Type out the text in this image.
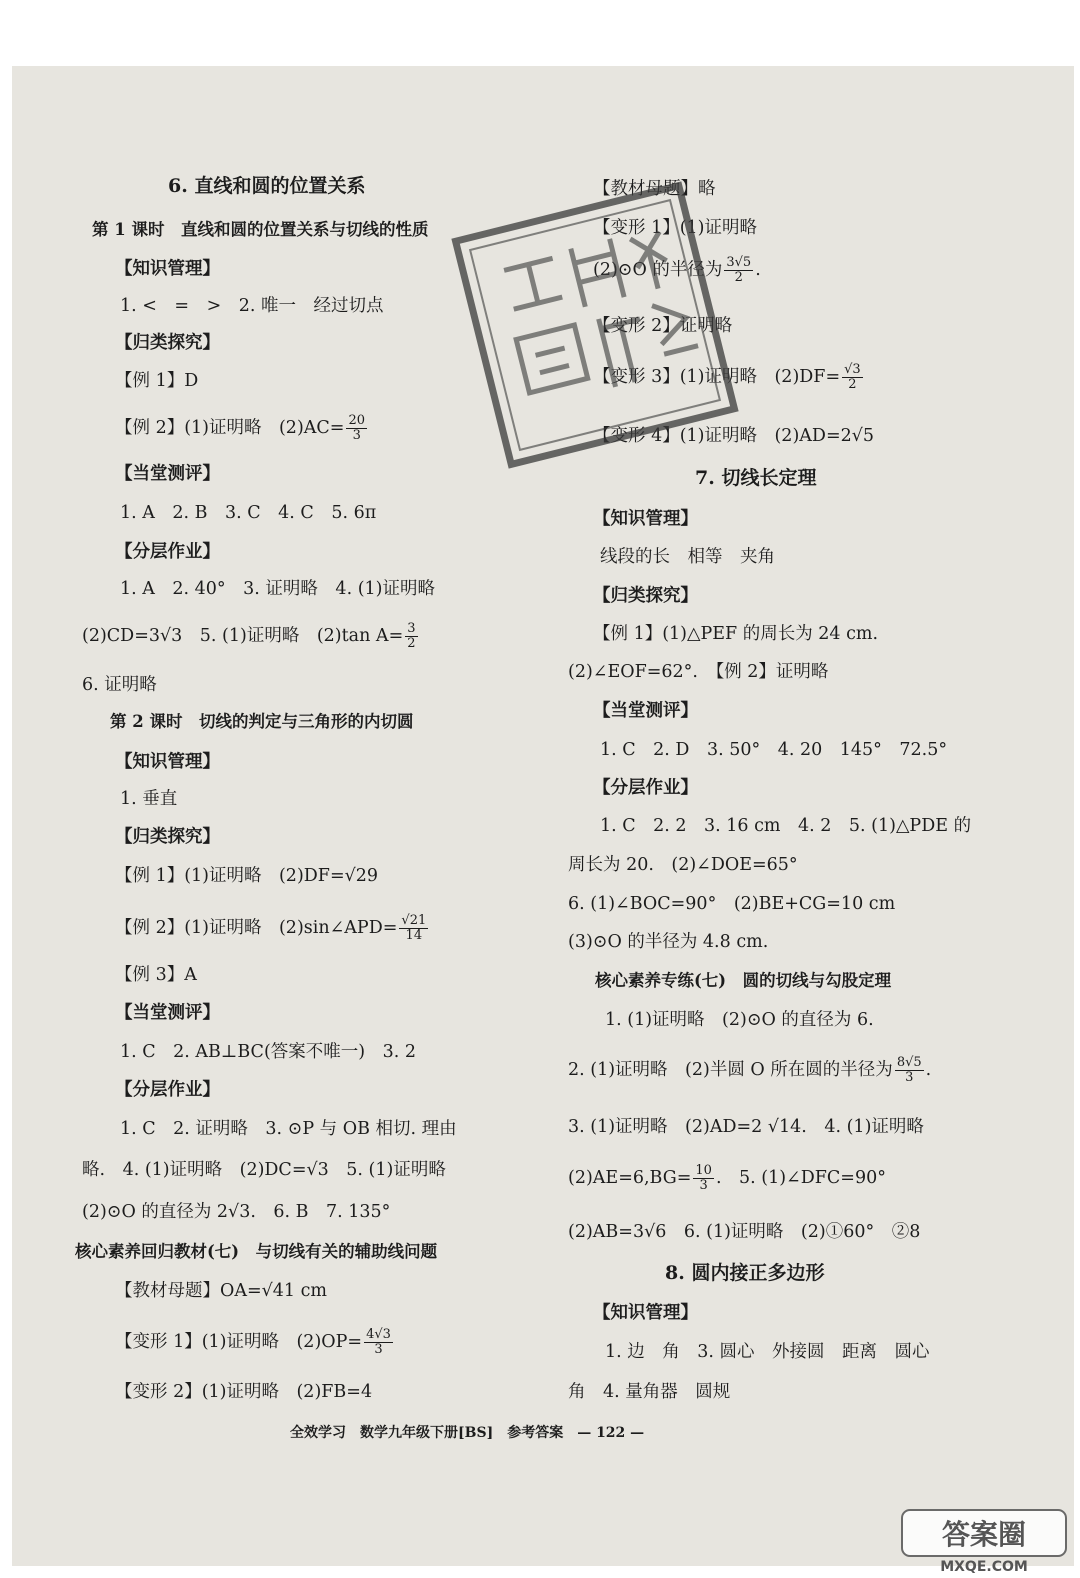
6. 直线和圆的位置关系
第 1 课时　直线和圆的位置关系与切线的性质
【知识管理】
1. <　=　>　2. 唯一　经过切点
【归类探究】
【例 1】D
【例 2】(1)证明略　$(2)AC= \frac{20}{3}$
【当堂测评】
1. A　2. B　3. C　4. C　5. 6π
【分层作业】
1. A　2. 40°　3. 证明略　4. (1)证明略
(2)CD=3√3　5. (1)证明略　(2)tan $A= \frac{3}{2}$
6. 证明略
第 2 课时　切线的判定与三角形的内切圆
【知识管理】
1. 垂直
【归类探究】
【例 1】(1)证明略　(2)DF=√29
【例 2】(1)证明略　(2)sin∠APD= $\frac{√21}{14}$
【例 3】A
【当堂测评】
1. C　2. AB⊥BC(答案不唯一)　3. 2
【分层作业】
1. C　2. 证明略　3. ⊙P 与 OB 相切. 理由
略.　4. (1)证明略　(2)DC=√3　5. (1)证明略
(2)⊙O 的直径为 2√3.　6. B　7. 135°
核心素养回归教材(七)　与切线有关的辅助线问题
【教材母题】OA=√41 cm
【变形 1】(1)证明略　$(2)OP= \frac{4√3}{3}$
【变形 2】(1)证明略　(2)FB=4
【教材母题】略
【变形 1】(1)证明略
(2)⊙O 的半径为 $\frac{3√5}{2}$ .
【变形 2】证明略
【变形 3】(1)证明略　$(2)DF= \frac{√3}{2}$
【变形 4】(1)证明略　(2)AD=2√5
7. 切线长定理
【知识管理】
线段的长　相等　夹角
【归类探究】
【例 1】(1)△PEF 的周长为 24 cm.
(2)∠EOF=62°.　【例 2】证明略
【当堂测评】
1. C　2. D　3. 50°　4. 20　145°　72.5°
【分层作业】
1. C　2. 2　3. 16 cm　4. 2　5. (1)△PDE 的
周长为 20.　(2)∠DOE=65°
6. (1)∠BOC=90°　(2)BE+CG=10 cm
(3)⊙O 的半径为 4.8 cm.
核心素养专练(七)　圆的切线与勾股定理
1. (1)证明略　(2)⊙O 的直径为 6.
2. (1)证明略　(2)半圆 O 所在圆的半径为 $\frac{8√5}{3}$ .
3. (1)证明略　(2)AD=2 √14.　4. (1)证明略
$(2)AE=6,BG= \frac{10}{3}$ .　5. (1)∠DFC=90°
(2)AB=3√6　6. (1)证明略　(2)①60°　②8
8. 圆内接正多边形
【知识管理】
1. 边　角　3. 圆心　外接圆　距离　圆心
角　4. 量角器　圆规
全效学习　数学九年级下册[BS]　参考答案　— 122 —
答案圈
MXQE.COM
